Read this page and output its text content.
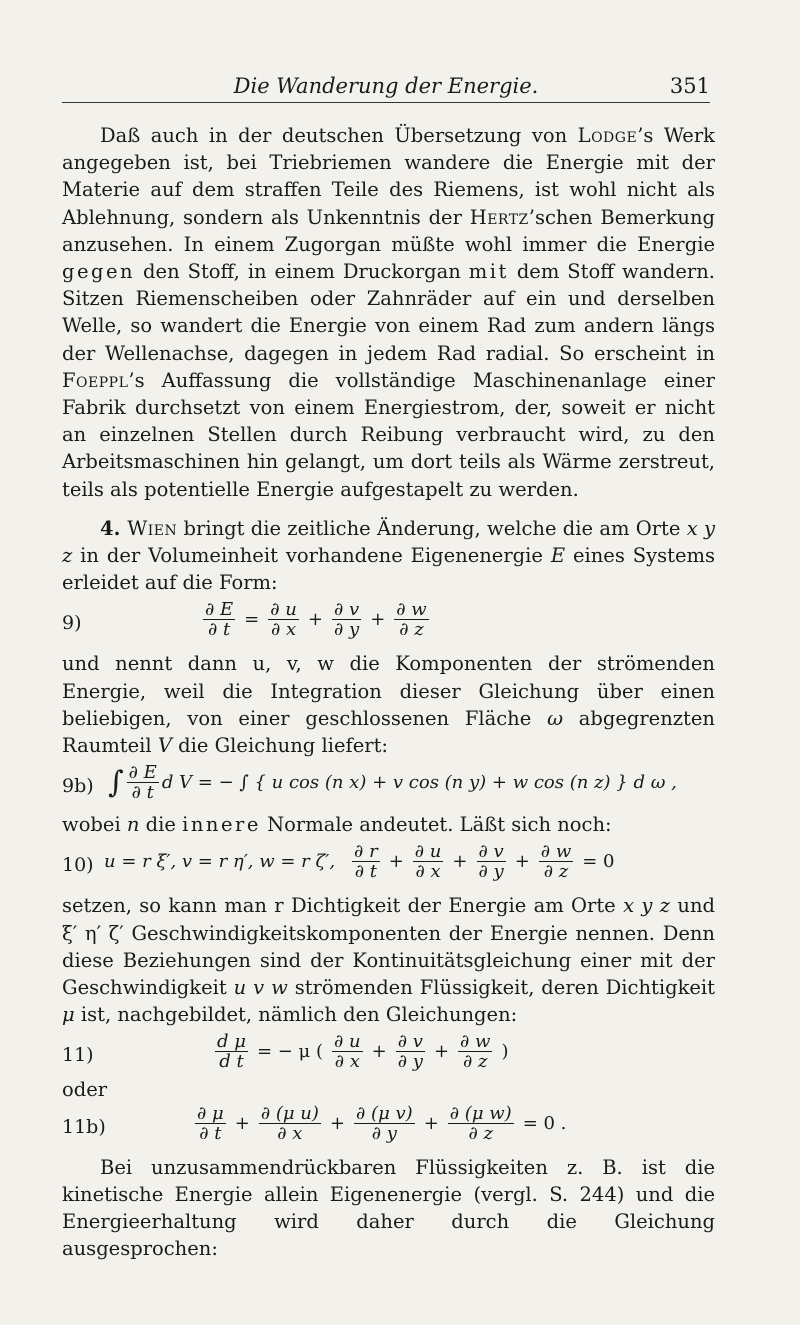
Die Wanderung der Energie.	351

Daß auch in der deutschen Übersetzung von Lodge’s Werk angegeben ist, bei Triebriemen wandere die Energie mit der Materie auf dem straffen Teile des Riemens, ist wohl nicht als Ablehnung, sondern als Unkenntnis der Hertz’schen Bemerkung anzusehen. In einem Zugorgan müßte wohl immer die Energie gegen den Stoff, in einem Druckorgan mit dem Stoff wandern. Sitzen Riemenscheiben oder Zahnräder auf ein und derselben Welle, so wandert die Energie von einem Rad zum andern längs der Wellenachse, dagegen in jedem Rad radial. So erscheint in Foeppl’s Auffassung die vollständige Maschinenanlage einer Fabrik durchsetzt von einem Energiestrom, der, soweit er nicht an einzelnen Stellen durch Reibung verbraucht wird, zu den Arbeitsmaschinen hin gelangt, um dort teils als Wärme zerstreut, teils als potentielle Energie aufgestapelt zu werden.

4. Wien bringt die zeitliche Änderung, welche die am Orte x y z in der Volumeinheit vorhandene Eigenenergie E eines Systems erleidet auf die Form:

9)	$\frac{\partial E}{\partial t} = \frac{\partial u}{\partial x} + \frac{\partial v}{\partial y} + \frac{\partial w}{\partial z}$

und nennt dann u, v, w die Komponenten der strömenden Energie, weil die Integration dieser Gleichung über einen beliebigen, von einer geschlossenen Fläche ω abgegrenzten Raumteil V die Gleichung liefert:

9b) ∫ $\frac{\partial E}{\partial t}$ d V = − ∫ { u cos (n x) + v cos (n y) + w cos (n z) } d ω ,

wobei n die innere Normale andeutet. Läßt sich noch:

10) u = r ξ′, v = r η′, w = r ζ′, $\frac{\partial r}{\partial t} + \frac{\partial u}{\partial x} + \frac{\partial v}{\partial y} + \frac{\partial w}{\partial z} = 0$

setzen, so kann man r Dichtigkeit der Energie am Orte x y z und ξ′ η′ ζ′ Geschwindigkeitskomponenten der Energie nennen. Denn diese Beziehungen sind der Kontinuitätsgleichung einer mit der Geschwindigkeit u v w strömenden Flüssigkeit, deren Dichtigkeit μ ist, nachgebildet, nämlich den Gleichungen:

11)	$\frac{\text{d μ}}{\text{d t}}$ = − μ ( $\frac{\partial u}{\partial x} + \frac{\partial v}{\partial y} + \frac{\partial w}{\partial z}$ )

oder

11b)	$\frac{\partial \mu}{\partial t} + \frac{\text{∂ (μ u)}}{\partial x} + \frac{\text{∂ (μ v)}}{\partial y} + \frac{\text{∂ (μ w)}}{\partial z} = 0$ .

Bei unzusammendrückbaren Flüssigkeiten z. B. ist die kinetische Energie allein Eigenenergie (vergl. S. 244) und die Energieerhaltung wird daher durch die Gleichung ausgesprochen:
